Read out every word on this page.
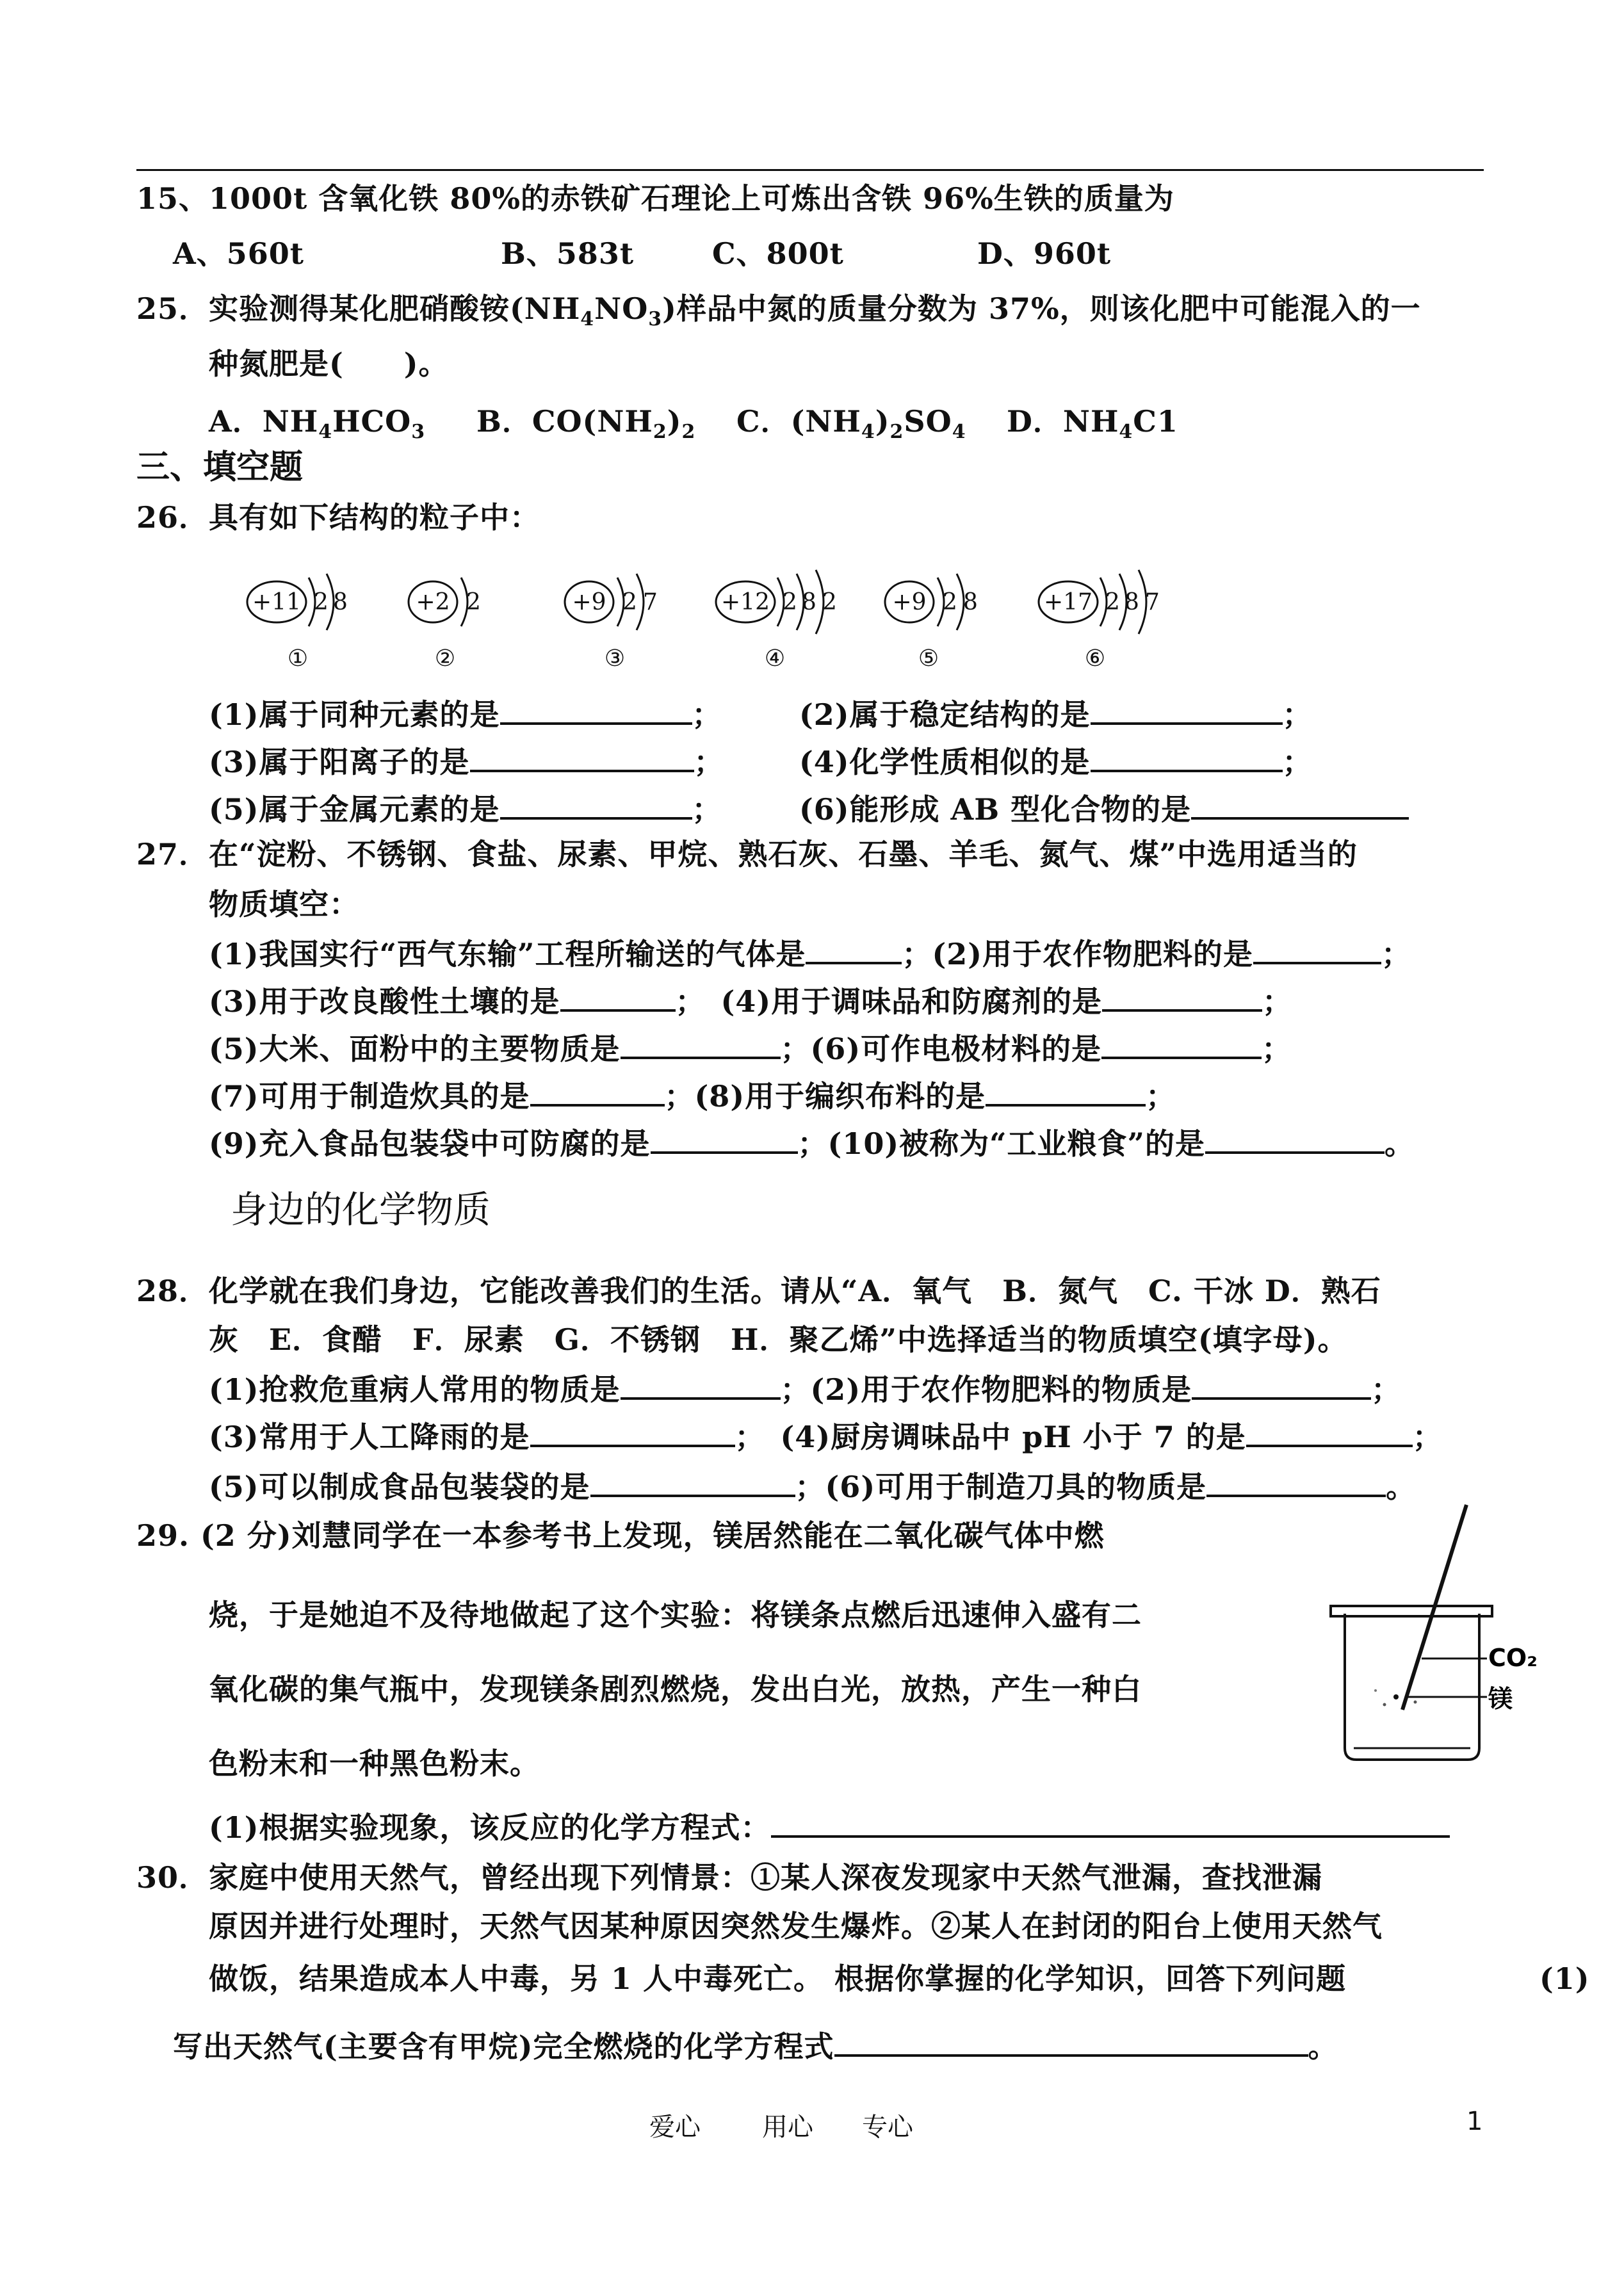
15、1000t 含氧化铁 80%的赤铁矿石理论上可炼出含铁 96%生铁的质量为
A、560t	B、583t	C、800t	D、960t
25．实验测得某化肥硝酸铵$(NH_4NO_3)$样品中氮的质量分数为 37%，则该化肥中可能混入的一
种氮肥是(　　)。
A．$NH_4HCO_3$ B．$CO(NH_2)_2$ C．$(NH_4)_2SO_4$ D．$NH_4C1$
三、填空题
26．具有如下结构的粒子中：
+11 2 8
①
+2 2
②
+9 2 7
③
+12 2 8 2
④
+9 2 8
⑤
+17 2 8 7
⑥
(1)属于同种元素的是	；	(2)属于稳定结构的是	；
(3)属于阳离子的是	；	(4)化学性质相似的是	；
(5)属于金属元素的是	；	(6)能形成 AB 型化合物的是
27．在“淀粉、不锈钢、食盐、尿素、甲烷、熟石灰、石墨、羊毛、氮气、煤”中选用适当的
物质填空：
(1)我国实行“西气东输”工程所输送的气体是	；(2)用于农作物肥料的是	；
(3)用于改良酸性土壤的是	；　(4)用于调味品和防腐剂的是	；
(5)大米、面粉中的主要物质是	；(6)可作电极材料的是	；
(7)可用于制造炊具的是	；(8)用于编织布料的是	；
(9)充入食品包装袋中可防腐的是	；(10)被称为“工业粮食”的是	。
身边的化学物质
28．化学就在我们身边，它能改善我们的生活。请从“A．氧气　B．氮气　C. 干冰 D．熟石
灰　E．食醋　F．尿素　G．不锈钢　H．聚乙烯”中选择适当的物质填空(填字母)。
(1)抢救危重病人常用的物质是	；(2)用于农作物肥料的物质是	；
(3)常用于人工降雨的是	；　(4)厨房调味品中 pH 小于 7 的是	；
(5)可以制成食品包装袋的是	；(6)可用于制造刀具的物质是	。
29. (2 分)刘慧同学在一本参考书上发现，镁居然能在二氧化碳气体中燃
烧，于是她迫不及待地做起了这个实验：将镁条点燃后迅速伸入盛有二
氧化碳的集气瓶中，发现镁条剧烈燃烧，发出白光，放热，产生一种白
色粉末和一种黑色粉末。
(1)根据实验现象，该反应的化学方程式：
CO₂
镁
30．家庭中使用天然气，曾经出现下列情景：①某人深夜发现家中天然气泄漏，查找泄漏
原因并进行处理时，天然气因某种原因突然发生爆炸。②某人在封闭的阳台上使用天然气
做饭，结果造成本人中毒，另 1 人中毒死亡。 根据你掌握的化学知识，回答下列问题	(1)
写出天然气(主要含有甲烷)完全燃烧的化学方程式	。
爱心 用心 专心	1
